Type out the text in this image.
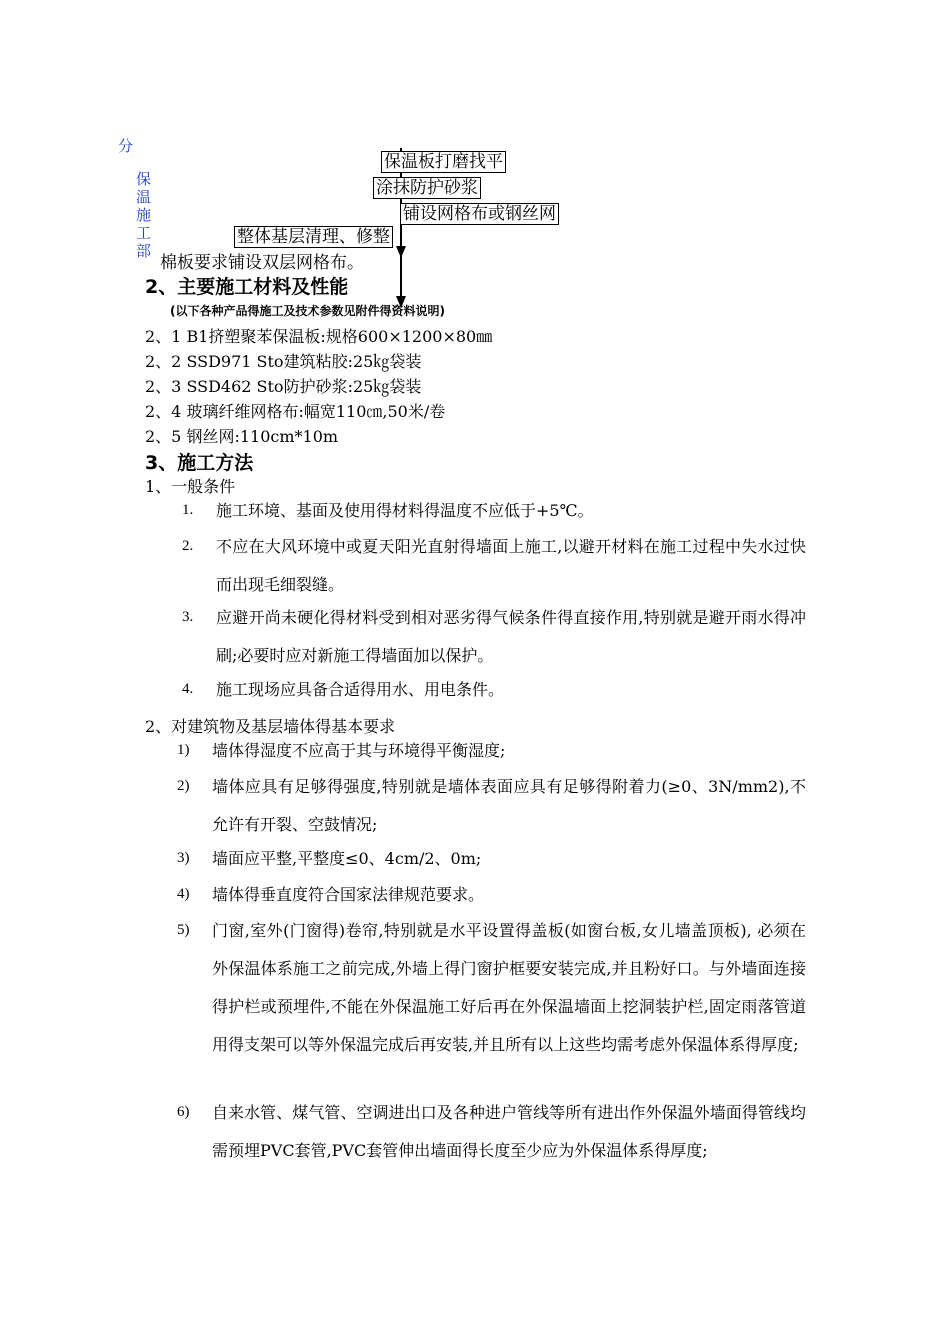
分
保
温
施
工
部
保温板打磨找平
涂抹防护砂浆
铺设网格布或钢丝网
整体基层清理、修整
棉板要求铺设双层网格布。
2、主要施工材料及性能
(以下各种产品得施工及技术参数见附件得资料说明)
2、1 B1挤塑聚苯保温板:规格600×1200×80㎜
2、2 SSD971 Sto建筑粘胶:25㎏袋装
2、3 SSD462 Sto防护砂浆:25㎏袋装
2、4 玻璃纤维网格布:幅宽110㎝,50米/卷
2、5 钢丝网:110cm*10m
3、施工方法
1、一般条件
1. 施工环境、基面及使用得材料得温度不应低于+5℃。
2. 不应在大风环境中或夏天阳光直射得墙面上施工,以避开材料在施工过程中失水过快而出现毛细裂缝。
3. 应避开尚未硬化得材料受到相对恶劣得气候条件得直接作用,特别就是避开雨水得冲刷;必要时应对新施工得墙面加以保护。
4. 施工现场应具备合适得用水、用电条件。
2、对建筑物及基层墙体得基本要求
1) 墙体得湿度不应高于其与环境得平衡湿度;
2) 墙体应具有足够得强度,特别就是墙体表面应具有足够得附着力(≥0、3N/mm2),不允许有开裂、空鼓情况;
3) 墙面应平整,平整度≤0、4cm/2、0m;
4) 墙体得垂直度符合国家法律规范要求。
5) 门窗,室外(门窗得)卷帘,特别就是水平设置得盖板(如窗台板,女儿墙盖顶板), 必须在外保温体系施工之前完成,外墙上得门窗护框要安装完成,并且粉好口。与外墙面连接得护栏或预埋件,不能在外保温施工好后再在外保温墙面上挖洞装护栏,固定雨落管道用得支架可以等外保温完成后再安装,并且所有以上这些均需考虑外保温体系得厚度;
6) 自来水管、煤气管、空调进出口及各种进户管线等所有进出作外保温外墙面得管线均需预埋PVC套管,PVC套管伸出墙面得长度至少应为外保温体系得厚度;
